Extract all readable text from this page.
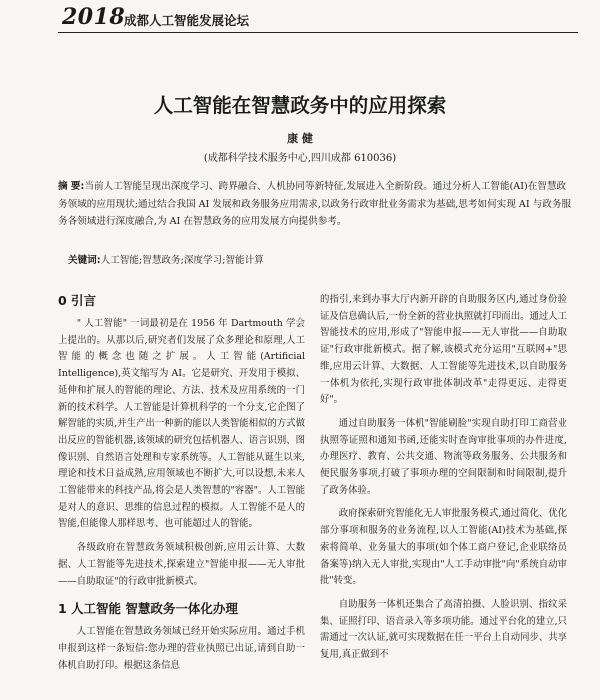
2018
成都人工智能发展论坛
人工智能在智慧政务中的应用探索
康 健
(成都科学技术服务中心,四川成都 610036)
摘 要:当前人工智能呈现出深度学习、跨界融合、人机协同等新特征,发展进入全新阶段。通过分析人工智能(AI)在智慧政务领域的应用现状;通过结合我国 AI 发展和政务服务应用需求,以政务行政审批业务需求为基础,思考如何实现 AI 与政务服务各领域进行深度融合,为 AI 在智慧政务的应用发展方向提供参考。
关键词:人工智能;智慧政务;深度学习;智能计算
0 引言

" 人工智能" 一词最初是在 1956 年 Dartmouth 学会上提出的。从那以后,研究者们发展了众多理论和原理,人工智能的概念也随之扩展。人工智能(Artificial Intelligence),英文缩写为 AI。它是研究、开发用于模拟、延伸和扩展人的智能的理论、方法、技术及应用系统的一门新的技术科学。人工智能是计算机科学的一个分支,它企图了解智能的实质,并生产出一种新的能以人类智能相似的方式做出反应的智能机器,该领域的研究包括机器人、语言识别、图像识别、自然语言处理和专家系统等。人工智能从诞生以来,理论和技术日益成熟,应用领域也不断扩大,可以设想,未来人工智能带来的科技产品,将会是人类智慧的"容器"。人工智能是对人的意识、思维的信息过程的模拟。人工智能不是人的智能,但能像人那样思考、也可能超过人的智能。

各级政府在智慧政务领域积极创新,应用云计算、大数据、人工智能等先进技术,探索建立"智能申报——无人审批——自助取证"的行政审批新模式。

1 人工智能 智慧政务一体化办理

人工智能在智慧政务领域已经开始实际应用。通过手机申报到这样一条短信:您办理的营业执照已出证,请到自助一体机自助打印。根据这条信息

的指引,来到办事大厅内新开辟的自助服务区内,通过身份验证及信息确认后,一份全新的营业执照就打印而出。通过人工智能技术的应用,形成了"智能申报——无人审批——自助取证"行政审批新模式。据了解,该模式充分运用"互联网+"思维,应用云计算、大数据、人工智能等先进技术,以自助服务一体机为依托,实现行政审批体制改革"走得更远、走得更好"。

通过自助服务一体机"智能刷脸"实现自助打印工商营业执照等证照和通知书函,还能实时查询审批事项的办件进度,办理医疗、教育、公共交通、物流等政务服务、公共服务和便民服务事项,打破了事项办理的空间限制和时间限制,提升了政务体验。

政府探索研究智能化无人审批服务模式,通过简化、优化部分事项和服务的业务流程,以人工智能(AI)技术为基础,探索将简单、业务量大的事项(如个体工商户登记,企业联络员备案等)纳入无人审批,实现由"人工手动审批"向"系统自动审批"转变。

自助服务一体机还集合了高清拍摄、人脸识别、指纹采集、证照打印、语音录入等多项功能。通过平台化的建立,只需通过一次认证,就可实现数据在任一平台上自动同步、共享复用,真正做到不
